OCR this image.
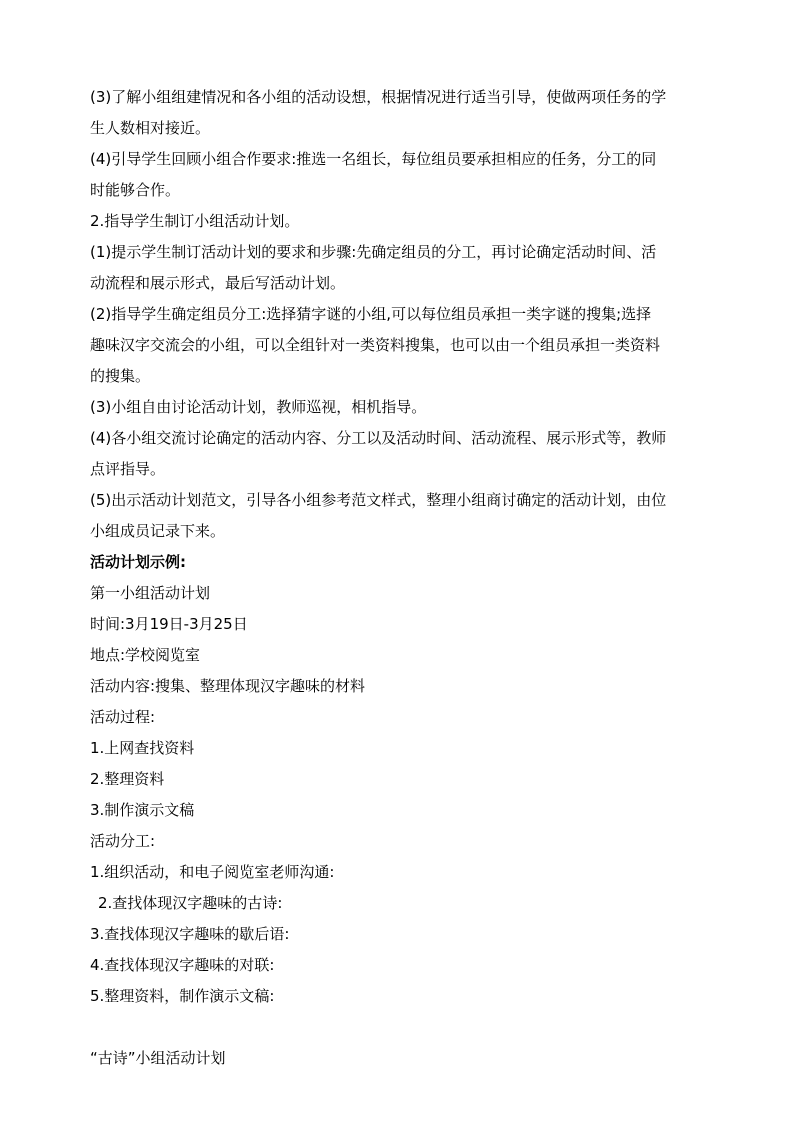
(3)了解小组组建情况和各小组的活动设想，根据情况进行适当引导，使做两项任务的学
生人数相对接近。
(4)引导学生回顾小组合作要求:推选一名组长，每位组员要承担相应的任务，分工的同
时能够合作。
2.指导学生制订小组活动计划。
(1)提示学生制订活动计划的要求和步骤:先确定组员的分工，再讨论确定活动时间、活
动流程和展示形式，最后写活动计划。
(2)指导学生确定组员分工:选择猜字谜的小组,可以每位组员承担一类字谜的搜集;选择
趣味汉字交流会的小组，可以全组针对一类资料搜集，也可以由一个组员承担一类资料
的搜集。
(3)小组自由讨论活动计划，教师巡视，相机指导。
(4)各小组交流讨论确定的活动内容、分工以及活动时间、活动流程、展示形式等，教师
点评指导。
(5)出示活动计划范文，引导各小组参考范文样式，整理小组商讨确定的活动计划，由位
小组成员记录下来。
活动计划示例:
第一小组活动计划
时间:3月19日-3月25日
地点:学校阅览室
活动内容:搜集、整理体现汉字趣味的材料
活动过程:
1.上网查找资料
2.整理资料
3.制作演示文稿
活动分工:
1.组织活动，和电子阅览室老师沟通:
2.查找体现汉字趣味的古诗:
3.查找体现汉字趣味的歇后语:
4.查找体现汉字趣味的对联:
5.整理资料，制作演示文稿:
“古诗”小组活动计划
